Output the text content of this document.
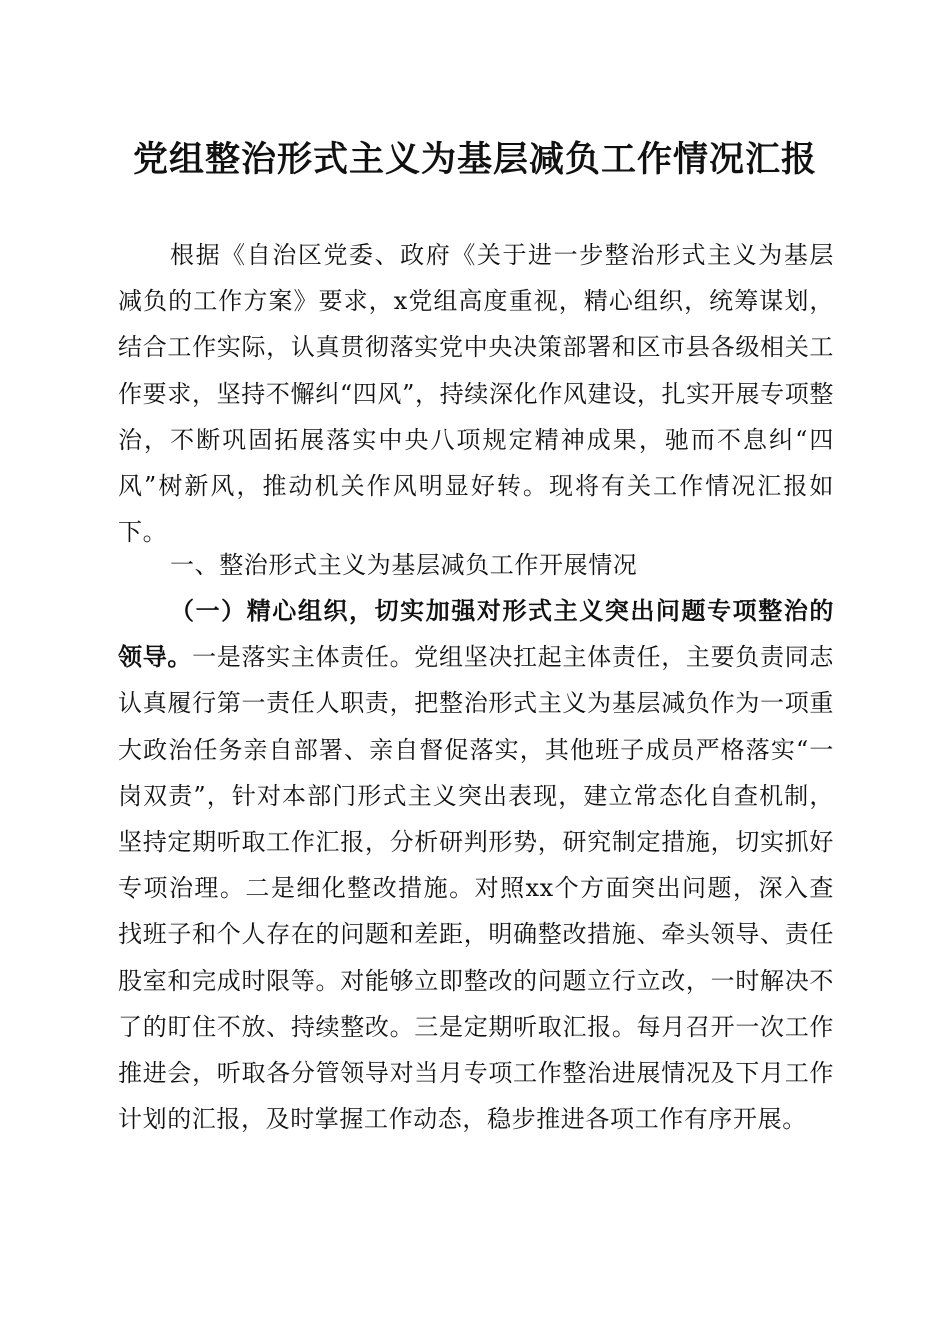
党组整治形式主义为基层减负工作情况汇报
根据《自治区党委、政府《关于进一步整治形式主义为基层减负的工作方案》要求，x党组高度重视，精心组织，统筹谋划，结合工作实际，认真贯彻落实党中央决策部署和区市县各级相关工作要求，坚持不懈纠“四风”，持续深化作风建设，扎实开展专项整治，不断巩固拓展落实中央八项规定精神成果，驰而不息纠“四风”树新风，推动机关作风明显好转。现将有关工作情况汇报如下。
一、整治形式主义为基层减负工作开展情况
（一）精心组织，切实加强对形式主义突出问题专项整治的领导。一是落实主体责任。党组坚决扛起主体责任，主要负责同志认真履行第一责任人职责，把整治形式主义为基层减负作为一项重大政治任务亲自部署、亲自督促落实，其他班子成员严格落实“一岗双责”，针对本部门形式主义突出表现，建立常态化自查机制，坚持定期听取工作汇报，分析研判形势，研究制定措施，切实抓好专项治理。二是细化整改措施。对照xx个方面突出问题，深入查找班子和个人存在的问题和差距，明确整改措施、牵头领导、责任股室和完成时限等。对能够立即整改的问题立行立改，一时解决不了的盯住不放、持续整改。三是定期听取汇报。每月召开一次工作推进会，听取各分管领导对当月专项工作整治进展情况及下月工作计划的汇报，及时掌握工作动态，稳步推进各项工作有序开展。
